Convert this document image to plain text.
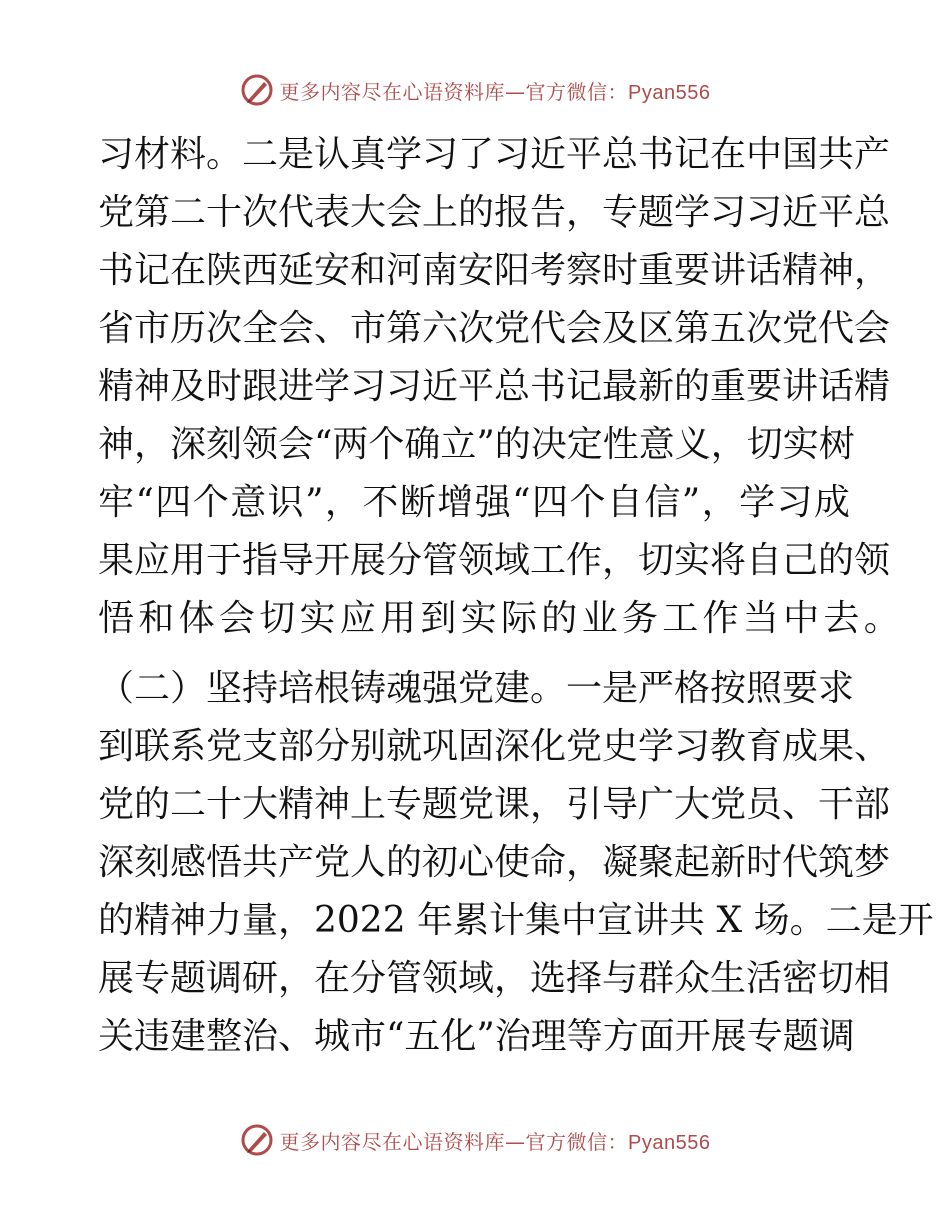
更多内容尽在心语资料库—官方微信：Pyan556
习材料。二是认真学习了习近平总书记在中国共产
党第二十次代表大会上的报告，专题学习习近平总
书记在陕西延安和河南安阳考察时重要讲话精神，
省市历次全会、市第六次党代会及区第五次党代会
精神及时跟进学习习近平总书记最新的重要讲话精
神，深刻领会“两个确立”的决定性意义，切实树
牢“四个意识”，不断增强“四个自信”，学习成
果应用于指导开展分管领域工作，切实将自己的领
悟和体会切实应用到实际的业务工作当中去。
（二）坚持培根铸魂强党建。一是严格按照要求
到联系党支部分别就巩固深化党史学习教育成果、
党的二十大精神上专题党课，引导广大党员、干部
深刻感悟共产党人的初心使命，凝聚起新时代筑梦
的精神力量，2022 年累计集中宣讲共 X 场。二是开
展专题调研，在分管领域，选择与群众生活密切相
关违建整治、城市“五化”治理等方面开展专题调
更多内容尽在心语资料库—官方微信：Pyan556
